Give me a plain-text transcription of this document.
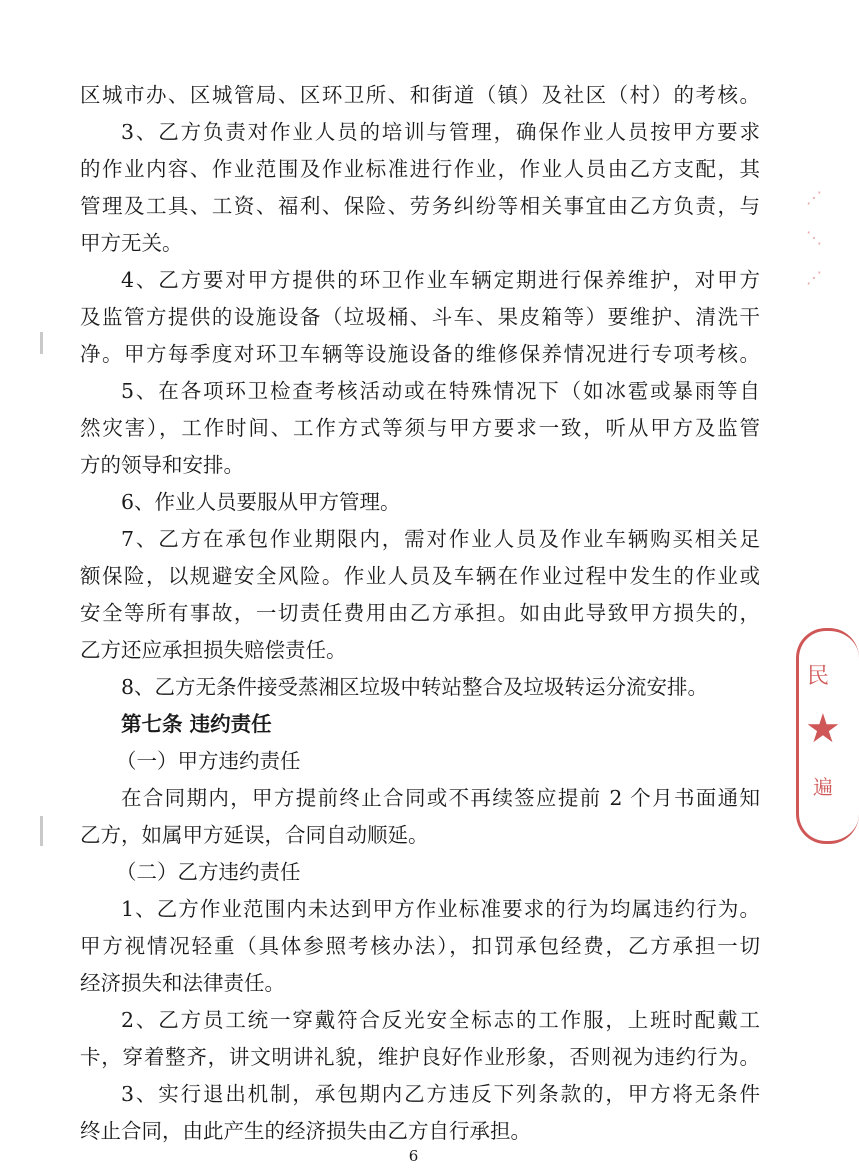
区城市办、区城管局、区环卫所、和街道（镇）及社区（村）的考核。
3、乙方负责对作业人员的培训与管理，确保作业人员按甲方要求
的作业内容、作业范围及作业标准进行作业，作业人员由乙方支配，其
管理及工具、工资、福利、保险、劳务纠纷等相关事宜由乙方负责，与
甲方无关。
4、乙方要对甲方提供的环卫作业车辆定期进行保养维护，对甲方
及监管方提供的设施设备（垃圾桶、斗车、果皮箱等）要维护、清洗干
净。甲方每季度对环卫车辆等设施设备的维修保养情况进行专项考核。
5、在各项环卫检查考核活动或在特殊情况下（如冰雹或暴雨等自
然灾害），工作时间、工作方式等须与甲方要求一致，听从甲方及监管
方的领导和安排。
6、作业人员要服从甲方管理。
7、乙方在承包作业期限内，需对作业人员及作业车辆购买相关足
额保险，以规避安全风险。作业人员及车辆在作业过程中发生的作业或
安全等所有事故，一切责任费用由乙方承担。如由此导致甲方损失的，
乙方还应承担损失赔偿责任。
8、乙方无条件接受蒸湘区垃圾中转站整合及垃圾转运分流安排。
第七条 违约责任
（一）甲方违约责任
在合同期内，甲方提前终止合同或不再续签应提前 2 个月书面通知
乙方，如属甲方延误，合同自动顺延。
（二）乙方违约责任
1、乙方作业范围内未达到甲方作业标准要求的行为均属违约行为。
甲方视情况轻重（具体参照考核办法），扣罚承包经费，乙方承担一切
经济损失和法律责任。
2、乙方员工统一穿戴符合反光安全标志的工作服，上班时配戴工
卡，穿着整齐，讲文明讲礼貌，维护良好作业形象，否则视为违约行为。
3、实行退出机制，承包期内乙方违反下列条款的，甲方将无条件
终止合同，由此产生的经济损失由乙方自行承担。
6
民
★
遍
⋰
⋱
⋰
